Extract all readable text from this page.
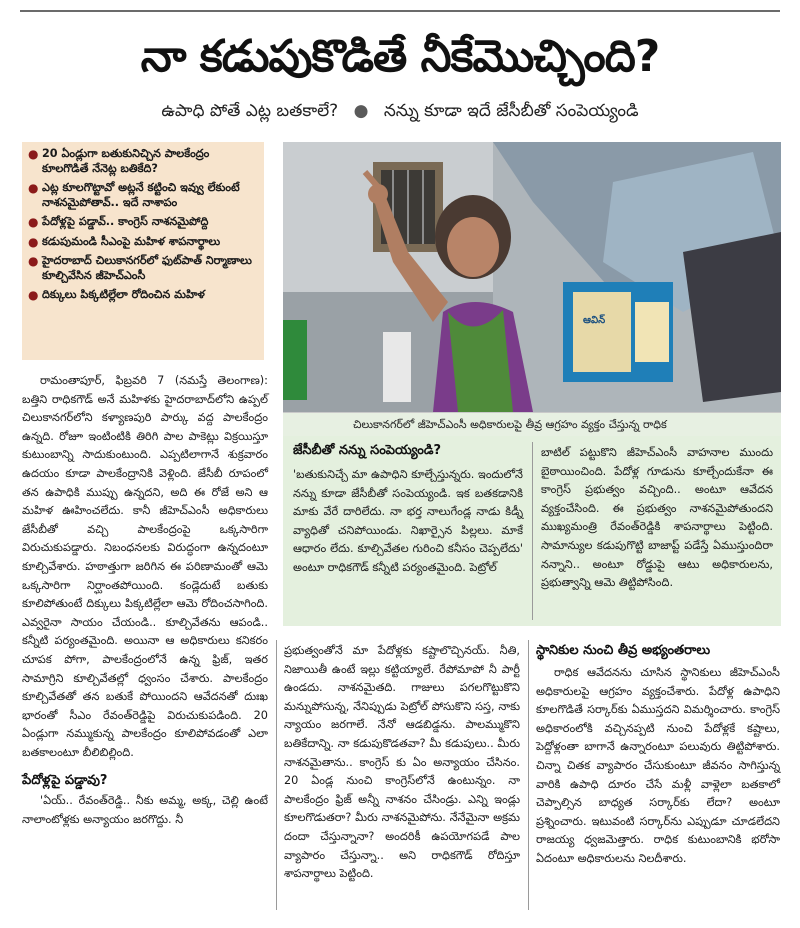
నా కడుపుకొడితే నీకేమొచ్చింది?
ఉపాధి పోతే ఎట్ల బతకాలే? ● నన్ను కూడా ఇదే జేసీబీతో సంపెయ్యండి
● 20 ఏండ్లుగా బతుకునిచ్చిన పాలకేంద్రం కూలగొడితే నేనెట్ల బతికేది?
● ఎట్ల కూలగొట్టావో అట్లనే కట్టించి ఇవ్వు లేకుంటే నాశనమైపోతావ్.. ఇదే నాశాపం
● పేదోళ్లపై పడ్డావ్.. కాంగ్రెస్ నాశనమైపోద్ది
● కడుపుమండి సీఎంపై మహిళ శాపనార్థాలు
● హైదరాబాద్ చిలుకానగర్‌లో ఫుట్‌పాత్ నిర్మాణాలు కూల్చివేసిన జీహెచ్ఎంసీ
● దిక్కులు పిక్కటిల్లేలా రోదించిన మహిళ
ఆవిన్
చిలుకానగర్‌లో జీహెచ్ఎంసీ అధికారులపై తీవ్ర ఆగ్రహం వ్యక్తం చేస్తున్న రాధిక
జేసీబీతో నన్ను సంపెయ్యండి?

'బతుకునిచ్చే మా ఉపాధిని కూల్చేస్తున్నరు. ఇందులోనే నన్ను కూడా జేసీబీతో సంపెయ్యండి. ఇక బతకడానికి మాకు వేరే దారిలేదు. నా భర్త నాలుగేండ్ల నాడు కిడ్నీ వ్యాధితో చనిపోయిండు. నిఖార్సైన పిల్లలు. మాకే ఆధారం లేదు. కూల్చివేతల గురించి కనీసం చెప్పలేదు' అంటూ రాధికగౌడ్ కన్నీటి పర్యంతమైంది. పెట్రోల్

బాటిల్ పట్టుకొని జీహెచ్ఎంసీ వాహనాల ముందు బైఠాయించింది. పేదోళ్ల గూడును కూల్చేందుకేనా ఈ కాంగ్రెస్ ప్రభుత్వం వచ్చింది.. అంటూ ఆవేదన వ్యక్తంచేసింది. ఈ ప్రభుత్వం నాశనమైపోతుందని ముఖ్యమంత్రి రేవంత్‌రెడ్డికి శాపనార్థాలు పెట్టింది. సామాన్యుల కడుపుగొట్టి బాజాప్ట్ పడేస్తే ఏముస్తుందిరా నన్నాని.. అంటూ రోడ్డుపై ఆటు అధికారులను, ప్రభుత్వాన్ని ఆమె తిట్టిపోసింది.

రామంతాపూర్, ఫిబ్రవరి 7 (నమస్తే తెలంగాణ): బత్తిని రాధికగౌడ్ అనే మహిళకు హైదరాబాద్‌లోని ఉప్పల్ చిలుకానగర్‌లోని కళ్యాణపురి పార్కు వద్ద పాలకేంద్రం ఉన్నది. రోజూ ఇంటింటికి తిరిగి పాల పాకెట్లు విక్రయిస్తూ కుటుంబాన్ని సాదుకుంటుంది. ఎప్పటిలాగానే శుక్రవారం ఉదయం కూడా పాలకేంద్రానికి వెళ్లింది. జేసీబీ రూపంలో తన ఉపాధికి ముప్పు ఉన్నదని, అది ఈ రోజే అని ఆ మహిళ ఊహించలేదు. కానీ జీహెచ్ఎంసీ అధికారులు జేసీబీతో వచ్చి పాలకేంద్రంపై ఒక్కసారిగా విరుచుకుపడ్డారు. నిబంధనలకు విరుద్ధంగా ఉన్నదంటూ కూల్చివేశారు. హఠాత్తుగా జరిగిన ఈ పరిణామంతో ఆమె ఒక్కసారిగా నిర్ఘాంతపోయింది. కండ్లెదుటే బతుకు కూలిపోతుంటే దిక్కులు పిక్కటిల్లేలా ఆమె రోదించసాగింది. ఎవ్వరైనా సాయం చేయండి.. కూల్చివేతను ఆపండి.. కన్నీటి పర్యంతమైంది. అయినా ఆ అధికారులు కనికరం చూపక పోగా, పాలకేంద్రంలోనే ఉన్న ఫ్రిజ్, ఇతర సామాగ్రిని కూల్చివేతల్లో ధ్వంసం చేశారు. పాలకేంద్రం కూల్చివేతతో తన బతుకే పోయిందని ఆవేదనతో దుఃఖ భారంతో సీఎం రేవంత్‌రెడ్డిపై విరుచుకుపడింది. 20 ఏండ్లుగా నమ్ముకున్న పాలకేంద్రం కూలిపోవడంతో ఎలా బతకాలంటూ బీలిబిల్లింది.

పేదోళ్లపై పడ్డావు?

'ఏయ్.. రేవంత్‌రెడ్డి.. నీకు అమ్మ, అక్క, చెల్లి ఉంటే నాలాంటోళ్లకు అన్యాయం జరగొద్దు. నీ

ప్రభుత్వంతోనే మా పేదోళ్లకు కష్టాలొచ్చినయ్. నీతి, నిజాయితీ ఉంటే ఇల్లు కట్టియ్యాలే. రేపోమాపో నీ పార్టీ ఉండదు. నాశనమైతది. గాజులు పగలగొట్టుకొని మన్నుపోసున్న, నేనిప్పుడు పెట్రోల్ పోసుకొని సస్త, నాకు న్యాయం జరగాలే. నేనో ఆడబిడ్డను. పాలమ్ముకొని బతికేదాన్ని. నా కడుపుకొడతవా? మీ కడుపులు.. మీరు నాశనమైతాను.. కాంగ్రెస్ కు ఏం అన్యాయం చేసినం. 20 ఏండ్ల నుంచి కాంగ్రెస్‌లోనే ఉంటున్నం. నా పాలకేంద్రం ఫ్రిజ్ అన్నీ నాశనం చేసిండ్రు. ఎన్ని ఇండ్లు కూలగొడుతరా? మీరు నాశనమైపోను. నేనేమైనా అక్రమ దందా చేస్తున్నానా? అందరికీ ఉపయోగపడే పాల వ్యాపారం చేస్తున్నా.. అని రాధికగౌడ్ రోదిస్తూ శాపనార్థాలు పెట్టింది.

స్థానికుల నుంచి తీవ్ర అభ్యంతరాలు

రాధిక ఆవేదనను చూసిన స్థానికులు జీహెచ్ఎంసీ అధికారులపై ఆగ్రహం వ్యక్తంచేశారు. పేదోళ్ల ఉపాధిని కూలగొడితే సర్కార్‌కు ఏముస్తదని విమర్శించారు. కాంగ్రెస్ అధికారంలోకి వచ్చినప్పటి నుంచి పేదోళ్లకే కష్టాలు, పెద్దోళ్లంతా బాగానే ఉన్నారంటూ పలువురు తిట్టిపోశారు. చిన్నా చితక వ్యాపారం చేసుకుంటూ జీవనం సాగిస్తున్న వారికి ఉపాధి దూరం చేసే మళ్లీ వాళ్లెలా బతకాలో చెప్పాల్సిన బాధ్యత సర్కార్‌కు లేదా? అంటూ ప్రశ్నించారు. ఇటువంటి సర్కార్‌ను ఎప్పుడూ చూడలేదని రాజయ్య ధ్వజమెత్తారు. రాధిక కుటుంబానికి భరోసా ఏదంటూ అధికారులను నిలదీశారు.
